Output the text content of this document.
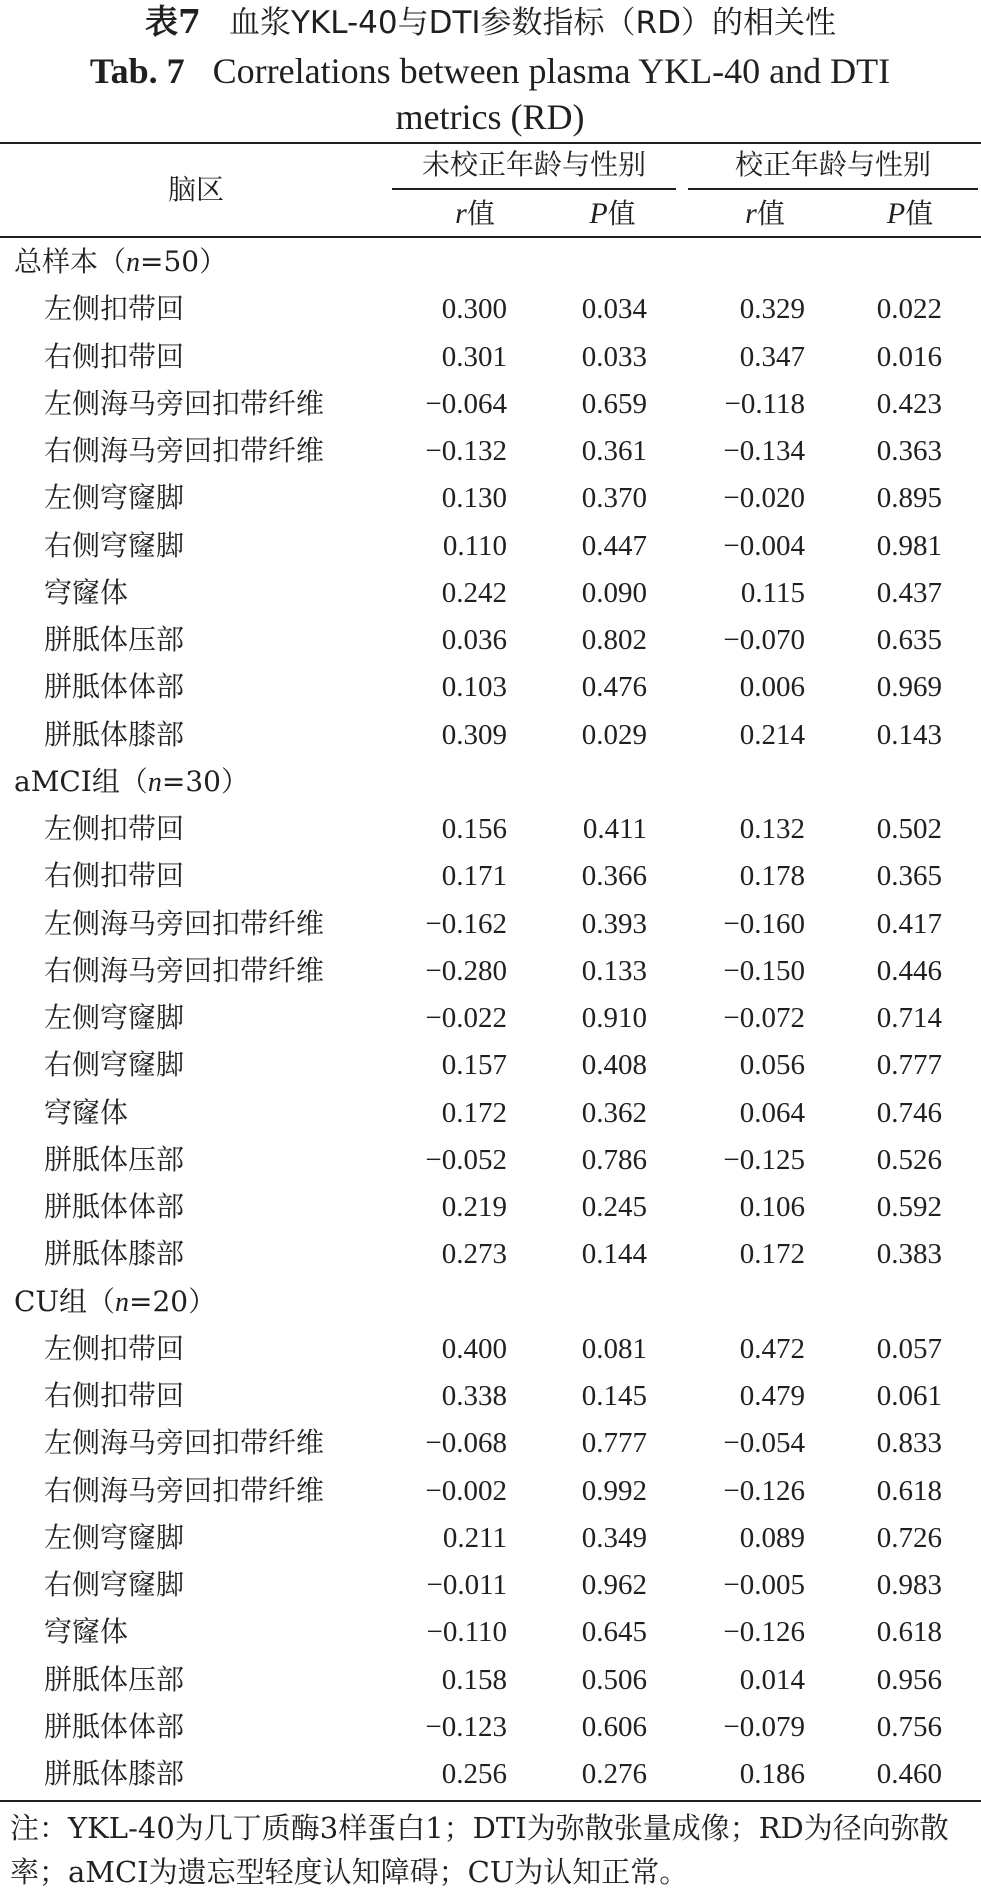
表7 血浆YKL-40与DTI参数指标（RD）的相关性
Tab. 7 Correlations between plasma YKL-40 and DTI metrics (RD)
脑区
未校正年龄与性别	校正年龄与性别
r值	P值	r值	P值
总样本（n=50）
左侧扣带回	0.300	0.034	0.329	0.022
右侧扣带回	0.301	0.033	0.347	0.016
左侧海马旁回扣带纤维	−0.064	0.659	−0.118	0.423
右侧海马旁回扣带纤维	−0.132	0.361	−0.134	0.363
左侧穹窿脚	0.130	0.370	−0.020	0.895
右侧穹窿脚	0.110	0.447	−0.004	0.981
穹窿体	0.242	0.090	0.115	0.437
胼胝体压部	0.036	0.802	−0.070	0.635
胼胝体体部	0.103	0.476	0.006	0.969
胼胝体膝部	0.309	0.029	0.214	0.143
aMCI组（n=30）
左侧扣带回	0.156	0.411	0.132	0.502
右侧扣带回	0.171	0.366	0.178	0.365
左侧海马旁回扣带纤维	−0.162	0.393	−0.160	0.417
右侧海马旁回扣带纤维	−0.280	0.133	−0.150	0.446
左侧穹窿脚	−0.022	0.910	−0.072	0.714
右侧穹窿脚	0.157	0.408	0.056	0.777
穹窿体	0.172	0.362	0.064	0.746
胼胝体压部	−0.052	0.786	−0.125	0.526
胼胝体体部	0.219	0.245	0.106	0.592
胼胝体膝部	0.273	0.144	0.172	0.383
CU组（n=20）
左侧扣带回	0.400	0.081	0.472	0.057
右侧扣带回	0.338	0.145	0.479	0.061
左侧海马旁回扣带纤维	−0.068	0.777	−0.054	0.833
右侧海马旁回扣带纤维	−0.002	0.992	−0.126	0.618
左侧穹窿脚	0.211	0.349	0.089	0.726
右侧穹窿脚	−0.011	0.962	−0.005	0.983
穹窿体	−0.110	0.645	−0.126	0.618
胼胝体压部	0.158	0.506	0.014	0.956
胼胝体体部	−0.123	0.606	−0.079	0.756
胼胝体膝部	0.256	0.276	0.186	0.460
注：YKL-40为几丁质酶3样蛋白1；DTI为弥散张量成像；RD为径向弥散率；aMCI为遗忘型轻度认知障碍；CU为认知正常。
